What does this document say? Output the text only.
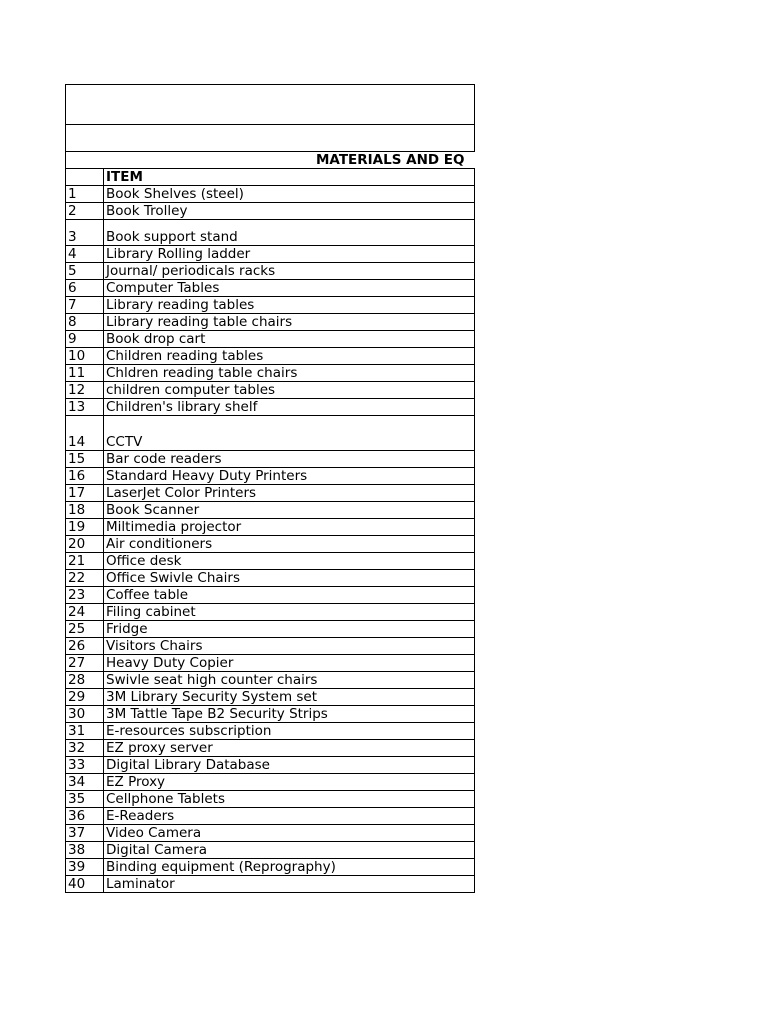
MATERIALS AND EQ	
	ITEM
1	Book Shelves (steel)
2	Book Trolley
3	Book support stand
4	Library Rolling ladder
5	Journal/ periodicals racks
6	Computer Tables
7	Library reading tables
8	Library reading table chairs
9	Book drop cart
10	Children reading tables
11	Chldren reading table chairs
12	children computer tables
13	Children's library shelf
14	CCTV
15	Bar code readers
16	Standard Heavy Duty Printers
17	LaserJet Color Printers
18	Book Scanner
19	Miltimedia projector
20	Air conditioners
21	Office desk
22	Office Swivle Chairs
23	Coffee table
24	Filing cabinet
25	Fridge
26	Visitors Chairs
27	Heavy Duty Copier
28	Swivle seat high counter chairs
29	3M Library Security System set
30	3M Tattle Tape B2 Security Strips
31	E-resources subscription
32	EZ proxy server
33	Digital Library Database
34	EZ Proxy
35	Cellphone Tablets
36	E-Readers
37	Video Camera
38	Digital Camera
39	Binding equipment (Reprography)
40	Laminator
